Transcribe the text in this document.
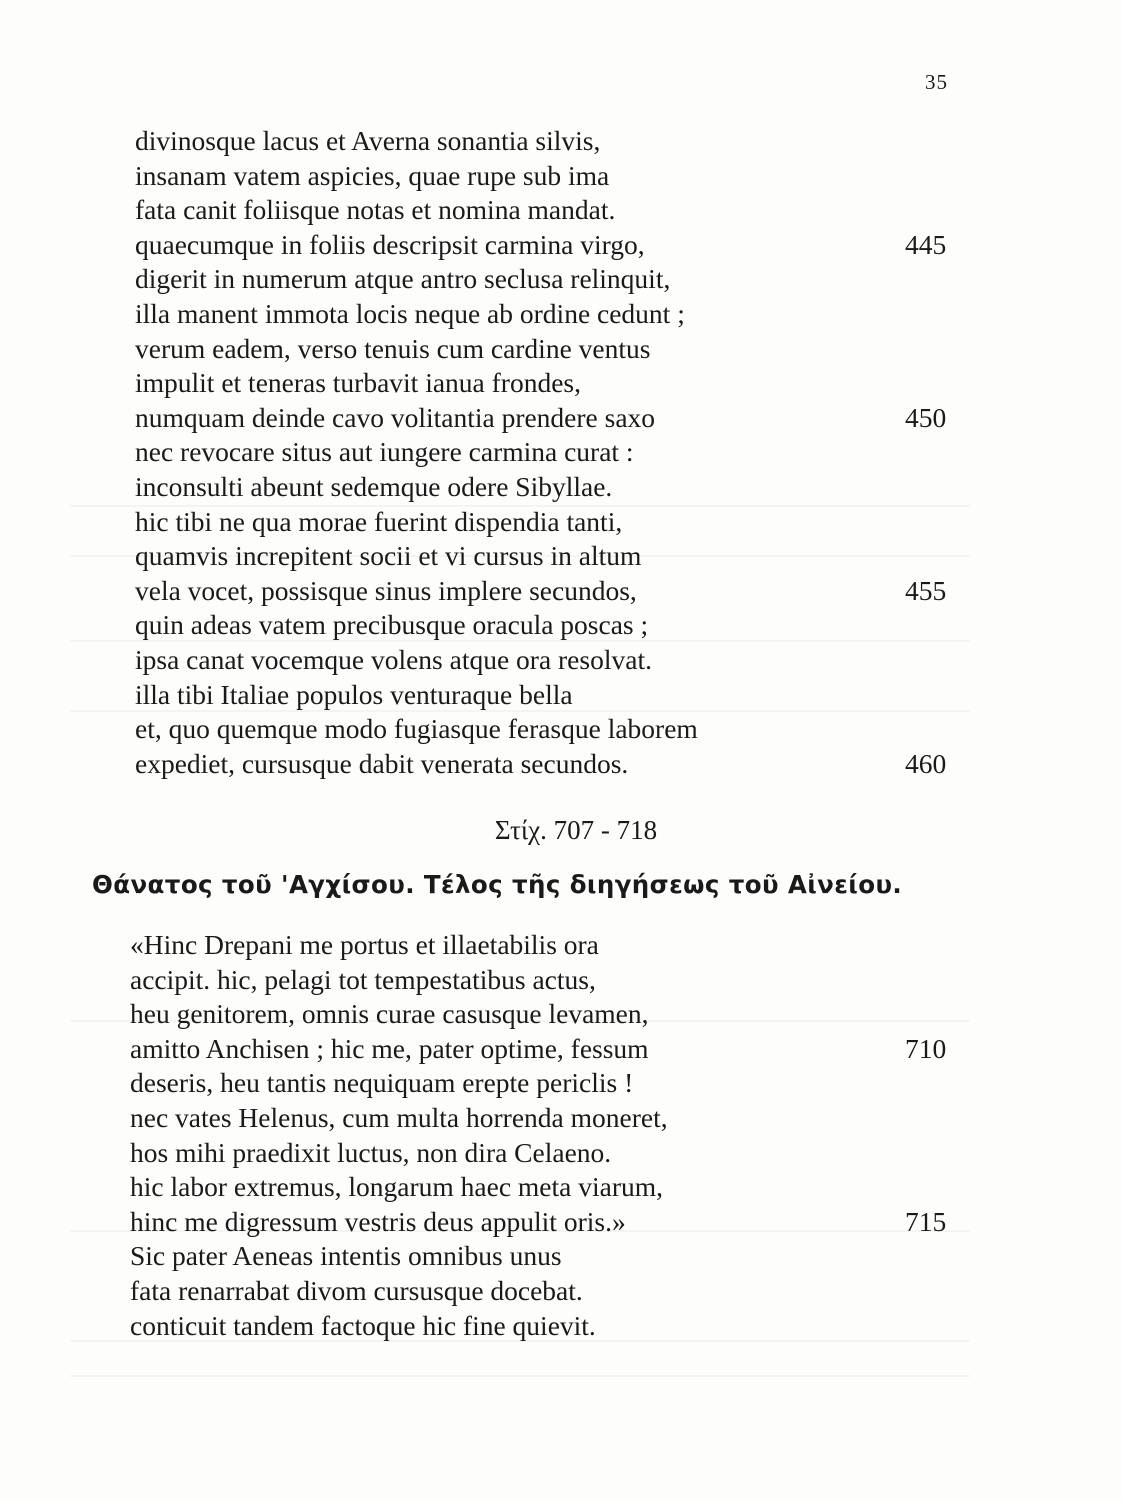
35
divinosque lacus et Averna sonantia silvis,
insanam vatem aspicies, quae rupe sub ima
fata canit foliisque notas et nomina mandat.
quaecumque in foliis descripsit carmina virgo,	445
digerit in numerum atque antro seclusa relinquit,
illa manent immota locis neque ab ordine cedunt ;
verum eadem, verso tenuis cum cardine ventus
impulit et teneras turbavit ianua frondes,
numquam deinde cavo volitantia prendere saxo	450
nec revocare situs aut iungere carmina curat :
inconsulti abeunt sedemque odere Sibyllae.
hic tibi ne qua morae fuerint dispendia tanti,
quamvis increpitent socii et vi cursus in altum
vela vocet, possisque sinus implere secundos,	455
quin adeas vatem precibusque oracula poscas ;
ipsa canat vocemque volens atque ora resolvat.
illa tibi Italiae populos venturaque bella
et, quo quemque modo fugiasque ferasque laborem
expediet, cursusque dabit venerata secundos.	460
Στίχ. 707 - 718
Θάνατος τοῦ 'Αγχίσου. Τέλος τῆς διηγήσεως τοῦ Αἰνείου.
«Hinc Drepani me portus et illaetabilis ora
accipit. hic, pelagi tot tempestatibus actus,
heu genitorem, omnis curae casusque levamen,
amitto Anchisen ; hic me, pater optime, fessum	710
deseris, heu tantis nequiquam erepte periclis !
nec vates Helenus, cum multa horrenda moneret,
hos mihi praedixit luctus, non dira Celaeno.
hic labor extremus, longarum haec meta viarum,
hinc me digressum vestris deus appulit oris.»	715
Sic pater Aeneas intentis omnibus unus
fata renarrabat divom cursusque docebat.
conticuit tandem factoque hic fine quievit.
